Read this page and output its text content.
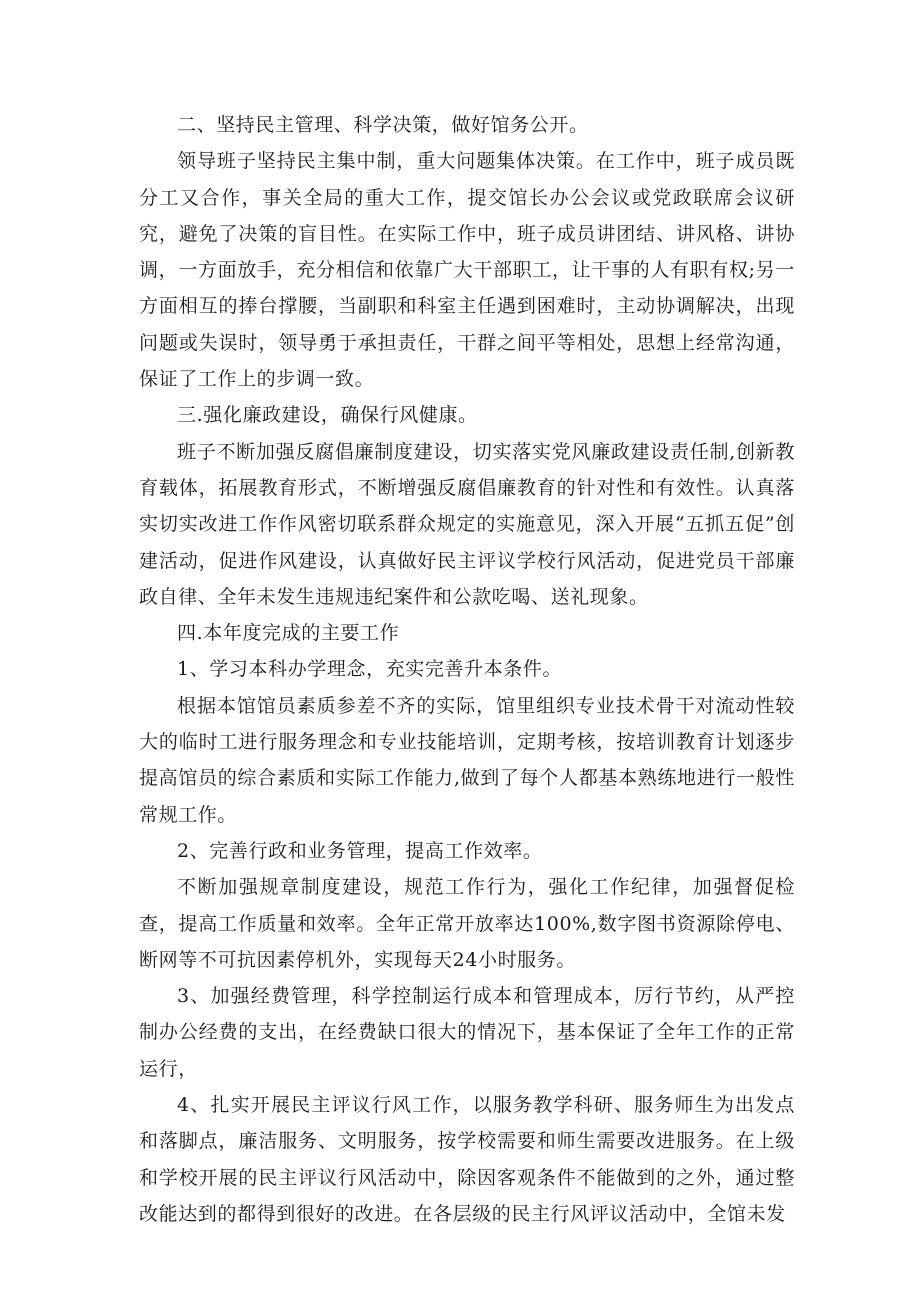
二、坚持民主管理、科学决策，做好馆务公开。

领导班子坚持民主集中制，重大问题集体决策。在工作中，班子成员既分工又合作，事关全局的重大工作，提交馆长办公会议或党政联席会议研究，避免了决策的盲目性。在实际工作中，班子成员讲团结、讲风格、讲协调，一方面放手，充分相信和依靠广大干部职工，让干事的人有职有权;另一方面相互的捧台撑腰，当副职和科室主任遇到困难时，主动协调解决，出现问题或失误时，领导勇于承担责任，干群之间平等相处，思想上经常沟通，保证了工作上的步调一致。

三.强化廉政建设，确保行风健康。

班子不断加强反腐倡廉制度建设，切实落实党风廉政建设责任制,创新教育载体，拓展教育形式，不断增强反腐倡廉教育的针对性和有效性。认真落实切实改进工作作风密切联系群众规定的实施意见，深入开展“五抓五促”创建活动，促进作风建设，认真做好民主评议学校行风活动，促进党员干部廉政自律、全年未发生违规违纪案件和公款吃喝、送礼现象。

四.本年度完成的主要工作

1、学习本科办学理念，充实完善升本条件。

根据本馆馆员素质参差不齐的实际，馆里组织专业技术骨干对流动性较大的临时工进行服务理念和专业技能培训，定期考核，按培训教育计划逐步提高馆员的综合素质和实际工作能力,做到了每个人都基本熟练地进行一般性常规工作。

2、完善行政和业务管理，提高工作效率。

不断加强规章制度建设，规范工作行为，强化工作纪律，加强督促检查，提高工作质量和效率。全年正常开放率达100%,数字图书资源除停电、断网等不可抗因素停机外，实现每天24小时服务。

3、加强经费管理，科学控制运行成本和管理成本，厉行节约，从严控制办公经费的支出，在经费缺口很大的情况下，基本保证了全年工作的正常运行，

4、扎实开展民主评议行风工作，以服务教学科研、服务师生为出发点和落脚点，廉洁服务、文明服务，按学校需要和师生需要改进服务。在上级和学校开展的民主评议行风活动中，除因客观条件不能做到的之外，通过整改能达到的都得到很好的改进。在各层级的民主行风评议活动中，全馆未发
